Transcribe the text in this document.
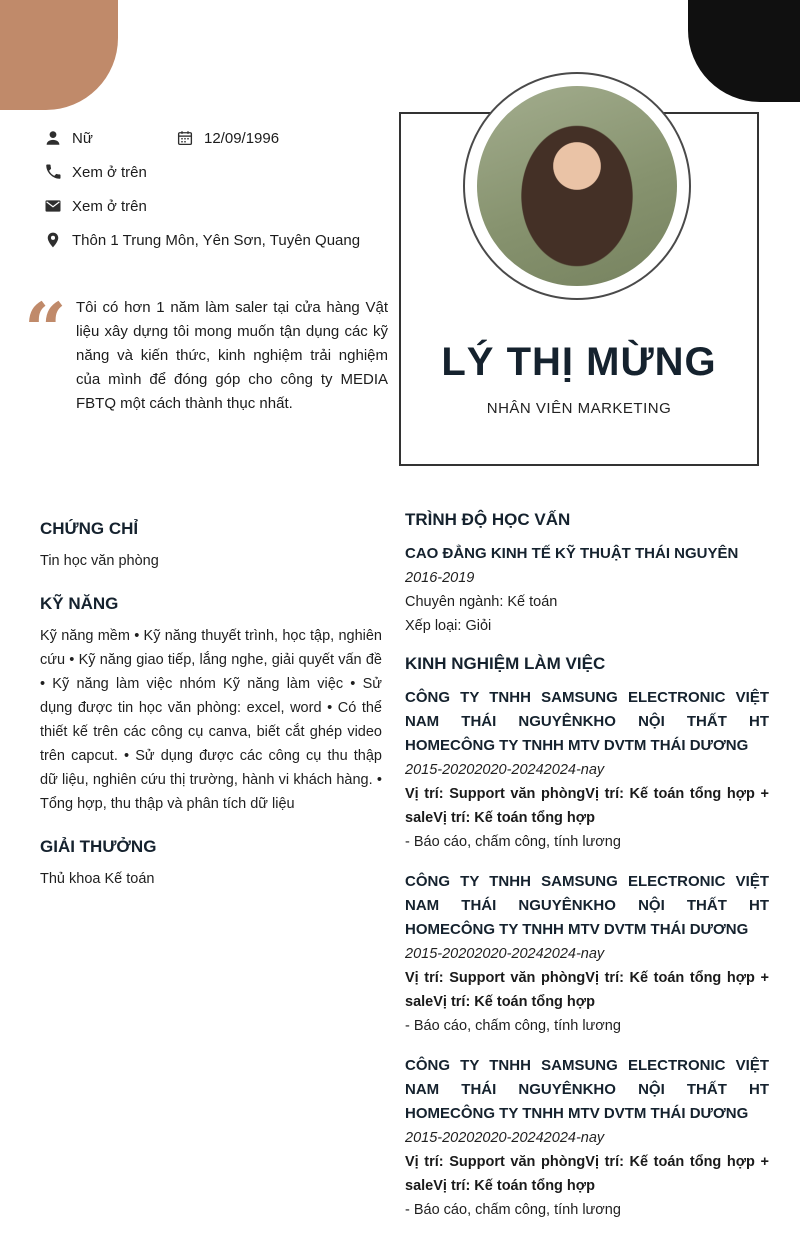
Nữ	12/09/1996
Xem ở trên
Xem ở trên
Thôn 1 Trung Môn, Yên Sơn, Tuyên Quang
“ Tôi có hơn 1 năm làm saler tại cửa hàng Vật liệu xây dựng tôi mong muốn tận dụng các kỹ năng và kiến thức, kinh nghiệm trải nghiệm của mình để đóng góp cho công ty MEDIA FBTQ một cách thành thục nhất.

CHỨNG CHỈ

Tin học văn phòng

KỸ NĂNG

Kỹ năng mềm • Kỹ năng thuyết trình, học tập, nghiên cứu • Kỹ năng giao tiếp, lắng nghe, giải quyết vấn đề • Kỹ năng làm việc nhóm Kỹ năng làm việc • Sử dụng được tin học văn phòng: excel, word • Có thể thiết kế trên các công cụ canva, biết cắt ghép video trên capcut. • Sử dụng được các công cụ thu thập dữ liệu, nghiên cứu thị trường, hành vi khách hàng. • Tổng hợp, thu thập và phân tích dữ liệu

GIẢI THƯỞNG

Thủ khoa Kế toán

LÝ THỊ MỪNG
NHÂN VIÊN MARKETING
TRÌNH ĐỘ HỌC VẤN

CAO ĐẲNG KINH TẾ KỸ THUẬT THÁI NGUYÊN

2016-2019

Chuyên ngành: Kế toán

Xếp loại: Giỏi

KINH NGHIỆM LÀM VIỆC

CÔNG TY TNHH SAMSUNG ELECTRONIC VIỆT NAM THÁI NGUYÊNKHO NỘI THẤT HT HOMECÔNG TY TNHH MTV DVTM THÁI DƯƠNG

2015-20202020-20242024-nay

Vị trí: Support văn phòngVị trí: Kế toán tổng hợp + saleVị trí: Kế toán tổng hợp

- Báo cáo, chấm công, tính lương

CÔNG TY TNHH SAMSUNG ELECTRONIC VIỆT NAM THÁI NGUYÊNKHO NỘI THẤT HT HOMECÔNG TY TNHH MTV DVTM THÁI DƯƠNG

2015-20202020-20242024-nay

Vị trí: Support văn phòngVị trí: Kế toán tổng hợp + saleVị trí: Kế toán tổng hợp

- Báo cáo, chấm công, tính lương

CÔNG TY TNHH SAMSUNG ELECTRONIC VIỆT NAM THÁI NGUYÊNKHO NỘI THẤT HT HOMECÔNG TY TNHH MTV DVTM THÁI DƯƠNG

2015-20202020-20242024-nay

Vị trí: Support văn phòngVị trí: Kế toán tổng hợp + saleVị trí: Kế toán tổng hợp

- Báo cáo, chấm công, tính lương
